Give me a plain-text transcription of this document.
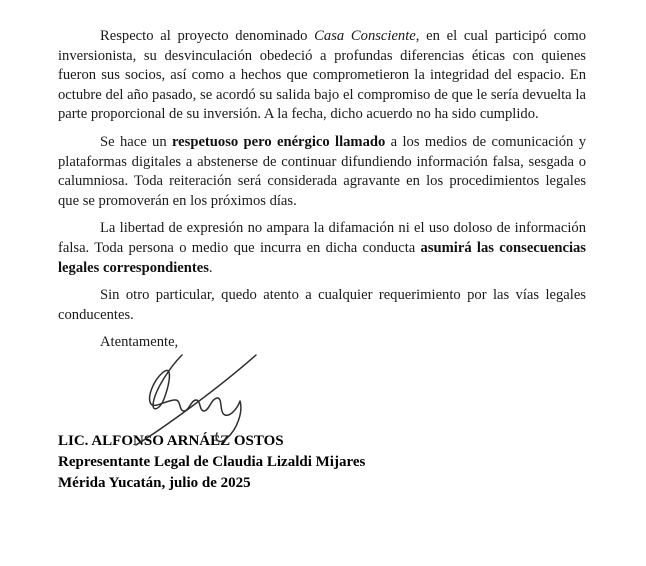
Respecto al proyecto denominado Casa Consciente, en el cual participó como inversionista, su desvinculación obedeció a profundas diferencias éticas con quienes fueron sus socios, así como a hechos que comprometieron la integridad del espacio. En octubre del año pasado, se acordó su salida bajo el compromiso de que le sería devuelta la parte proporcional de su inversión. A la fecha, dicho acuerdo no ha sido cumplido.

Se hace un respetuoso pero enérgico llamado a los medios de comunicación y plataformas digitales a abstenerse de continuar difundiendo información falsa, sesgada o calumniosa. Toda reiteración será considerada agravante en los procedimientos legales que se promoverán en los próximos días.

La libertad de expresión no ampara la difamación ni el uso doloso de información falsa. Toda persona o medio que incurra en dicha conducta asumirá las consecuencias legales correspondientes.

Sin otro particular, quedo atento a cualquier requerimiento por las vías legales conducentes.

Atentamente,

LIC. ALFONSO ARNÁEZ OSTOS
Representante Legal de Claudia Lizaldi Mijares
Mérida Yucatán, julio de 2025
